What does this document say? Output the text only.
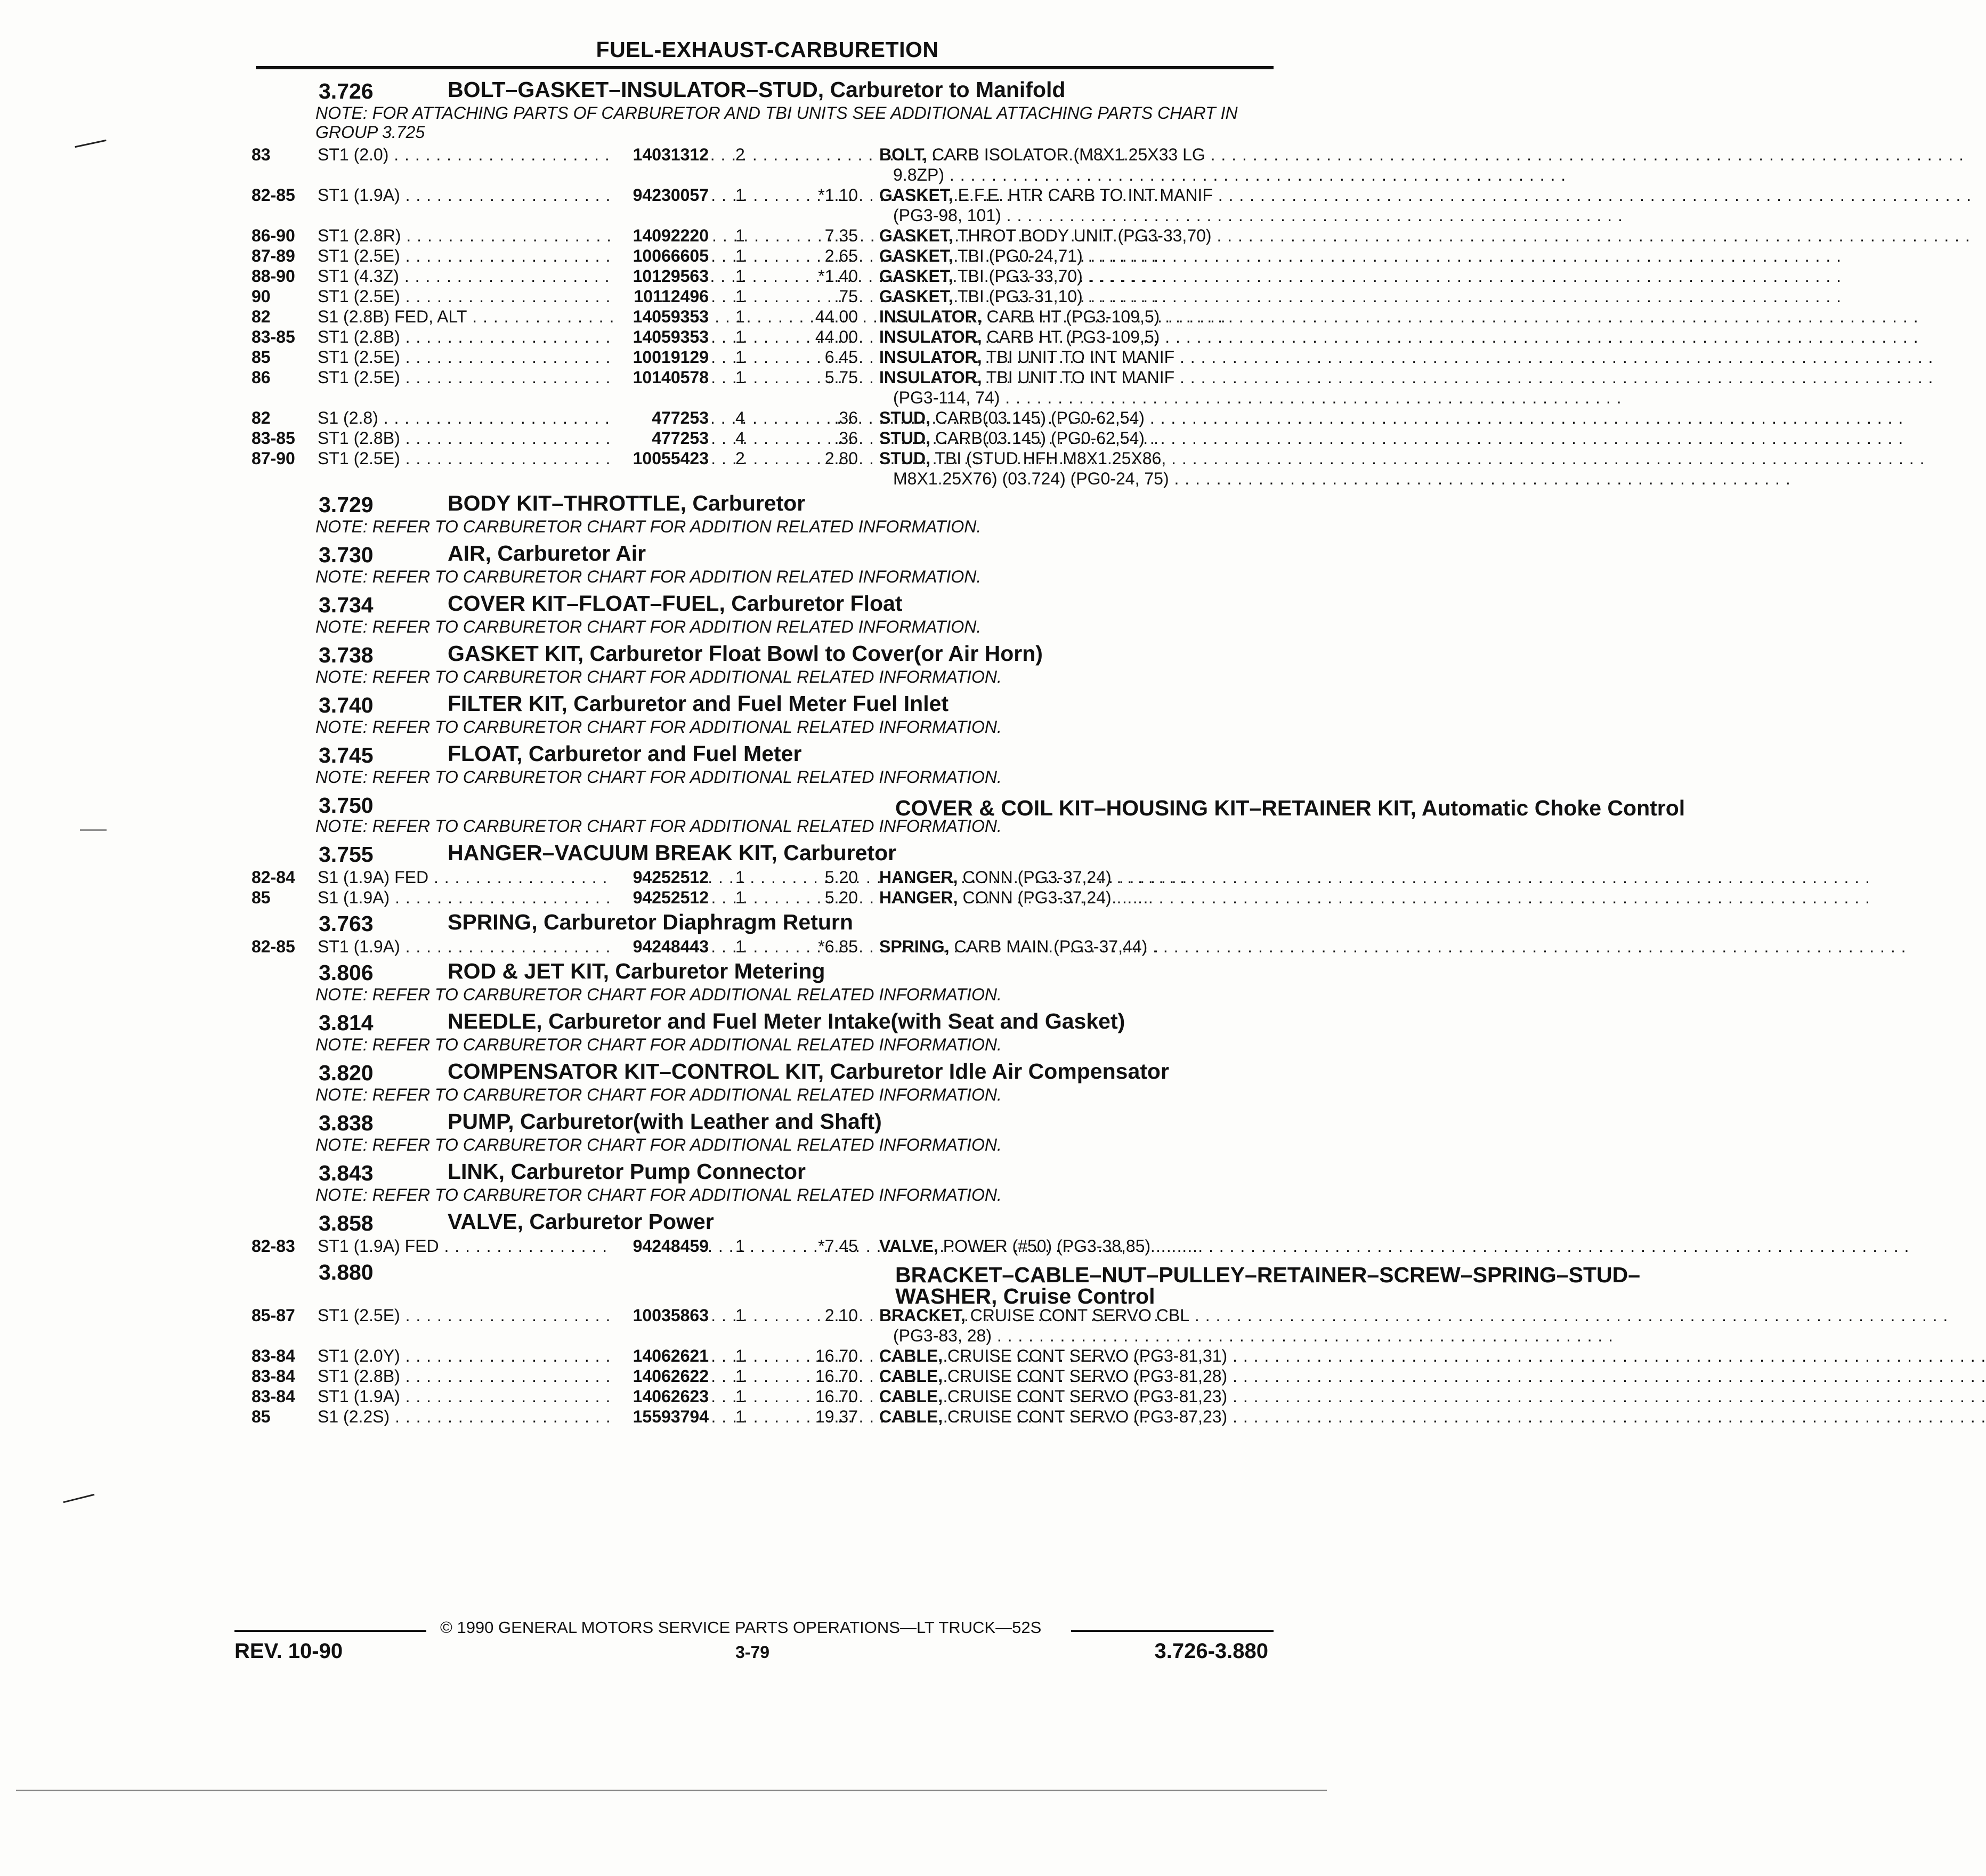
FUEL-EXHAUST-CARBURETION
3.726	BOLT–GASKET–INSULATOR–STUD, Carburetor to Manifold
NOTE: FOR ATTACHING PARTS OF CARBURETOR AND TBI UNITS SEE ADDITIONAL ATTACHING PARTS CHART IN GROUP 3.725
83	ST1 (2.0) . . .	14031312 2	BOLT, CARB ISOLATOR (M8X1.25X33 LG . . .
9.8ZP) . . .
82-85 ST1 (1.9A) . . .	94230057 1	*1.10 GASKET, E.F.E. HTR CARB TO INT MANIF . . .
(PG3-98, 101) . . .
86-90 ST1 (2.8R) . . .	14092220 1	7.35 GASKET, THROT BODY UNIT (PG3-33,70) . . .
87-89 ST1 (2.5E) . . .	10066605 1	2.65 GASKET, TBI (PG0-24,71) . . .
88-90 ST1 (4.3Z) . . .	10129563 1	*1.40 GASKET, TBI (PG3-33,70) . . .
90	ST1 (2.5E) . . .	10112496 1	.75 GASKET, TBI (PG3-31,10) . . .
82	S1 (2.8B) FED, ALT . . .	14059353 1	44.00 INSULATOR, CARB HT (PG3-109,5) . . .
83-85 ST1 (2.8B) . . .	14059353 1	44.00 INSULATOR, CARB HT (PG3-109,5) . . .
85	ST1 (2.5E) . . .	10019129 1	6.45 INSULATOR, TBI UNIT TO INT MANIF . . .
86	ST1 (2.5E) . . .	10140578 1	5.75 INSULATOR, TBI UNIT TO INT MANIF . . .
(PG3-114, 74) . . .
82	S1 (2.8) . . .	477253 4	.36 STUD, CARB(03.145) (PG0-62,54) . . .
83-85 ST1 (2.8B) . . .	477253 4	.36 STUD, CARB(03.145) (PG0-62,54) . . .
87-90 ST1 (2.5E) . . .	10055423 2	2.80 STUD, TBI (STUD HFH M8X1.25X86, . . .
M8X1.25X76) (03.724) (PG0-24, 75) . . .
3.729	BODY KIT–THROTTLE, Carburetor
NOTE: REFER TO CARBURETOR CHART FOR ADDITION RELATED INFORMATION.
3.730	AIR, Carburetor Air
NOTE: REFER TO CARBURETOR CHART FOR ADDITION RELATED INFORMATION.
3.734	COVER KIT–FLOAT–FUEL, Carburetor Float
NOTE: REFER TO CARBURETOR CHART FOR ADDITION RELATED INFORMATION.
3.738	GASKET KIT, Carburetor Float Bowl to Cover(or Air Horn)
NOTE: REFER TO CARBURETOR CHART FOR ADDITIONAL RELATED INFORMATION.
3.740	FILTER KIT, Carburetor and Fuel Meter Fuel Inlet
NOTE: REFER TO CARBURETOR CHART FOR ADDITIONAL RELATED INFORMATION.
3.745	FLOAT, Carburetor and Fuel Meter
NOTE: REFER TO CARBURETOR CHART FOR ADDITIONAL RELATED INFORMATION.
3.750	COVER & COIL KIT–HOUSING KIT–RETAINER KIT, Automatic Choke Control
NOTE: REFER TO CARBURETOR CHART FOR ADDITIONAL RELATED INFORMATION.
3.755	HANGER–VACUUM BREAK KIT, Carburetor
82-84 S1 (1.9A) FED . . .	94252512 1	5.20 HANGER, CONN (PG3-37,24) . . .
85	S1 (1.9A) . . .	94252512 1	5.20 HANGER, CONN (PG3-37,24) . . .
3.763	SPRING, Carburetor Diaphragm Return
82-85 ST1 (1.9A) . . .	94248443 1	*6.85 SPRING, CARB MAIN (PG3-37,44) . . .
3.806	ROD & JET KIT, Carburetor Metering
NOTE: REFER TO CARBURETOR CHART FOR ADDITIONAL RELATED INFORMATION.
3.814	NEEDLE, Carburetor and Fuel Meter Intake(with Seat and Gasket)
NOTE: REFER TO CARBURETOR CHART FOR ADDITIONAL RELATED INFORMATION.
3.820	COMPENSATOR KIT–CONTROL KIT, Carburetor Idle Air Compensator
NOTE: REFER TO CARBURETOR CHART FOR ADDITIONAL RELATED INFORMATION.
3.838	PUMP, Carburetor(with Leather and Shaft)
NOTE: REFER TO CARBURETOR CHART FOR ADDITIONAL RELATED INFORMATION.
3.843	LINK, Carburetor Pump Connector
NOTE: REFER TO CARBURETOR CHART FOR ADDITIONAL RELATED INFORMATION.
3.858	VALVE, Carburetor Power
82-83 ST1 (1.9A) FED . . .	94248459 1	*7.45 VALVE, POWER (#50) (PG3-38,85) . . .
3.880	BRACKET–CABLE–NUT–PULLEY–RETAINER–SCREW–SPRING–STUD–WASHER, Cruise Control
85-87 ST1 (2.5E) . . .	10035863 1	2.10 BRACKET, CRUISE CONT SERVO CBL . . .
(PG3-83, 28) . . .
83-84 ST1 (2.0Y) . . .	14062621 1	16.70 CABLE, CRUISE CONT SERVO (PG3-81,31) . . .
83-84 ST1 (2.8B) . . .	14062622 1	16.70 CABLE, CRUISE CONT SERVO (PG3-81,28) . . .
83-84 ST1 (1.9A) . . .	14062623 1	16.70 CABLE, CRUISE CONT SERVO (PG3-81,23) . . .
85	S1 (2.2S) . . .	15593794 1	19.37 CABLE, CRUISE CONT SERVO (PG3-87,23) . . .
© 1990 GENERAL MOTORS SERVICE PARTS OPERATIONS—LT TRUCK—52S
REV. 10-90	3-79	3.726-3.880
